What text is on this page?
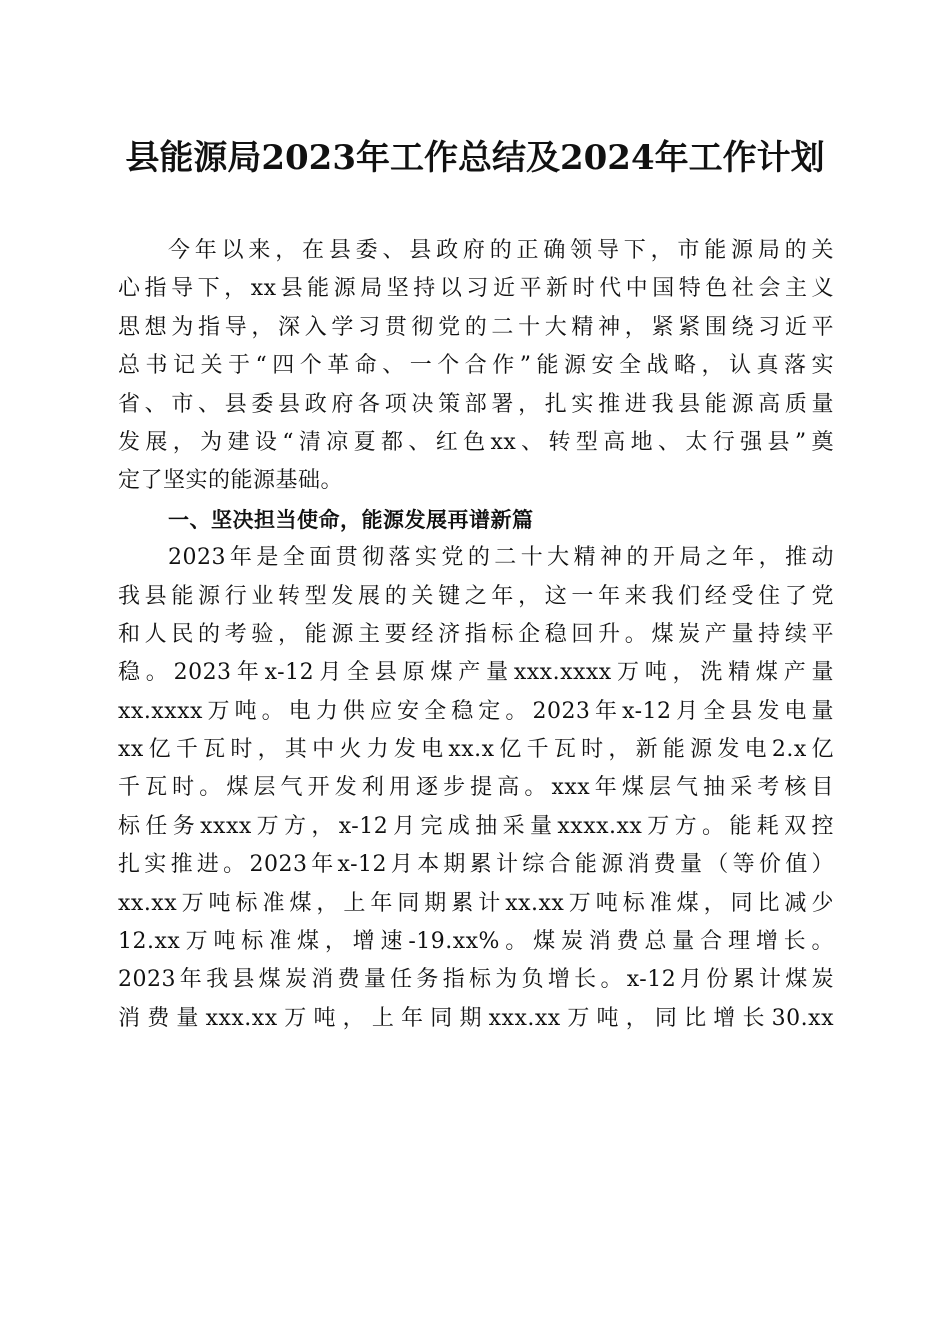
县能源局2023年工作总结及2024年工作计划
今年以来，在县委、县政府的正确领导下，市能源局的关
心指导下，xx县能源局坚持以习近平新时代中国特色社会主义
思想为指导，深入学习贯彻党的二十大精神，紧紧围绕习近平
总书记关于“四个革命、一个合作”能源安全战略，认真落实
省、市、县委县政府各项决策部署，扎实推进我县能源高质量
发展，为建设“清凉夏都、红色xx、转型高地、太行强县”奠
定了坚实的能源基础。
一、坚决担当使命，能源发展再谱新篇
2023年是全面贯彻落实党的二十大精神的开局之年，推动
我县能源行业转型发展的关键之年，这一年来我们经受住了党
和人民的考验，能源主要经济指标企稳回升。煤炭产量持续平
稳。2023年x-12月全县原煤产量xxx.xxxx万吨，洗精煤产量
xx.xxxx万吨。电力供应安全稳定。2023年x-12月全县发电量
xx亿千瓦时，其中火力发电xx.x亿千瓦时，新能源发电2.x亿
千瓦时。煤层气开发利用逐步提高。xxx年煤层气抽采考核目
标任务xxxx万方，x-12月完成抽采量xxxx.xx万方。能耗双控
扎实推进。2023年x-12月本期累计综合能源消费量（等价值）
xx.xx万吨标准煤，上年同期累计xx.xx万吨标准煤，同比减少
12.xx万吨标准煤，增速-19.xx%。煤炭消费总量合理增长。
2023年我县煤炭消费量任务指标为负增长。x-12月份累计煤炭
消费量xxx.xx万吨，上年同期xxx.xx万吨，同比增长30.xx
